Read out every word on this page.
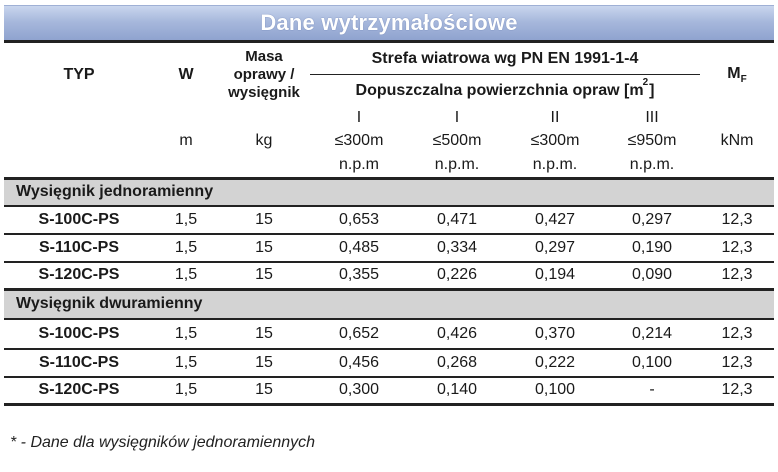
Dane wytrzymałościowe
TYP	W	Masa
oprawy /
wysięgnik	Strefa wiatrowa wg PN EN 1991-1-4				$M_F$
			Dopuszczalna powierzchnia opraw $[m^2]$				
			I	I	II	III	
	m	kg	≤300m	≤500m	≤300m	≤950m	kNm
			n.p.m	n.p.m.	n.p.m.	n.p.m.	
Wysięgnik jednoramienny							
S-100C-PS	1,5	15	0,653	0,471	0,427	0,297	12,3
S-110C-PS	1,5	15	0,485	0,334	0,297	0,190	12,3
S-120C-PS	1,5	15	0,355	0,226	0,194	0,090	12,3
Wysięgnik dwuramienny							
S-100C-PS	1,5	15	0,652	0,426	0,370	0,214	12,3
S-110C-PS	1,5	15	0,456	0,268	0,222	0,100	12,3
S-120C-PS	1,5	15	0,300	0,140	0,100	-	12,3
* - Dane dla wysięgników jednoramiennych
